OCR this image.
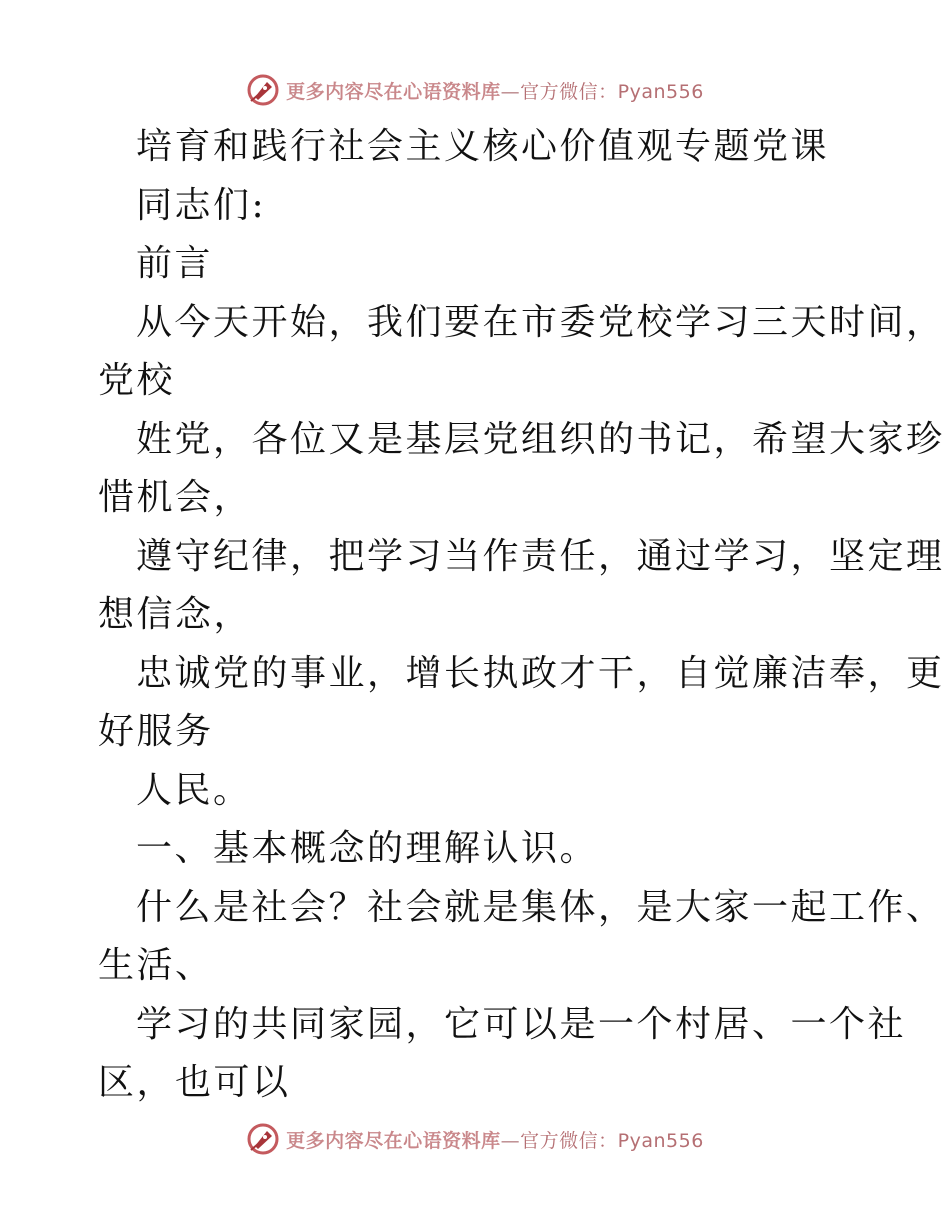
更多内容尽在心语资料库—官方微信：Pyan556
培育和践行社会主义核心价值观专题党课
同志们:
前言
从今天开始，我们要在市委党校学习三天时间，
党校
姓党，各位又是基层党组织的书记，希望大家珍
惜机会，
遵守纪律，把学习当作责任，通过学习，坚定理
想信念，
忠诚党的事业，增长执政才干，自觉廉洁奉，更
好服务
人民。
一、基本概念的理解认识。
什么是社会？社会就是集体，是大家一起工作、
生活、
学习的共同家园，它可以是一个村居、一个社
区，也可以
更多内容尽在心语资料库—官方微信：Pyan556
